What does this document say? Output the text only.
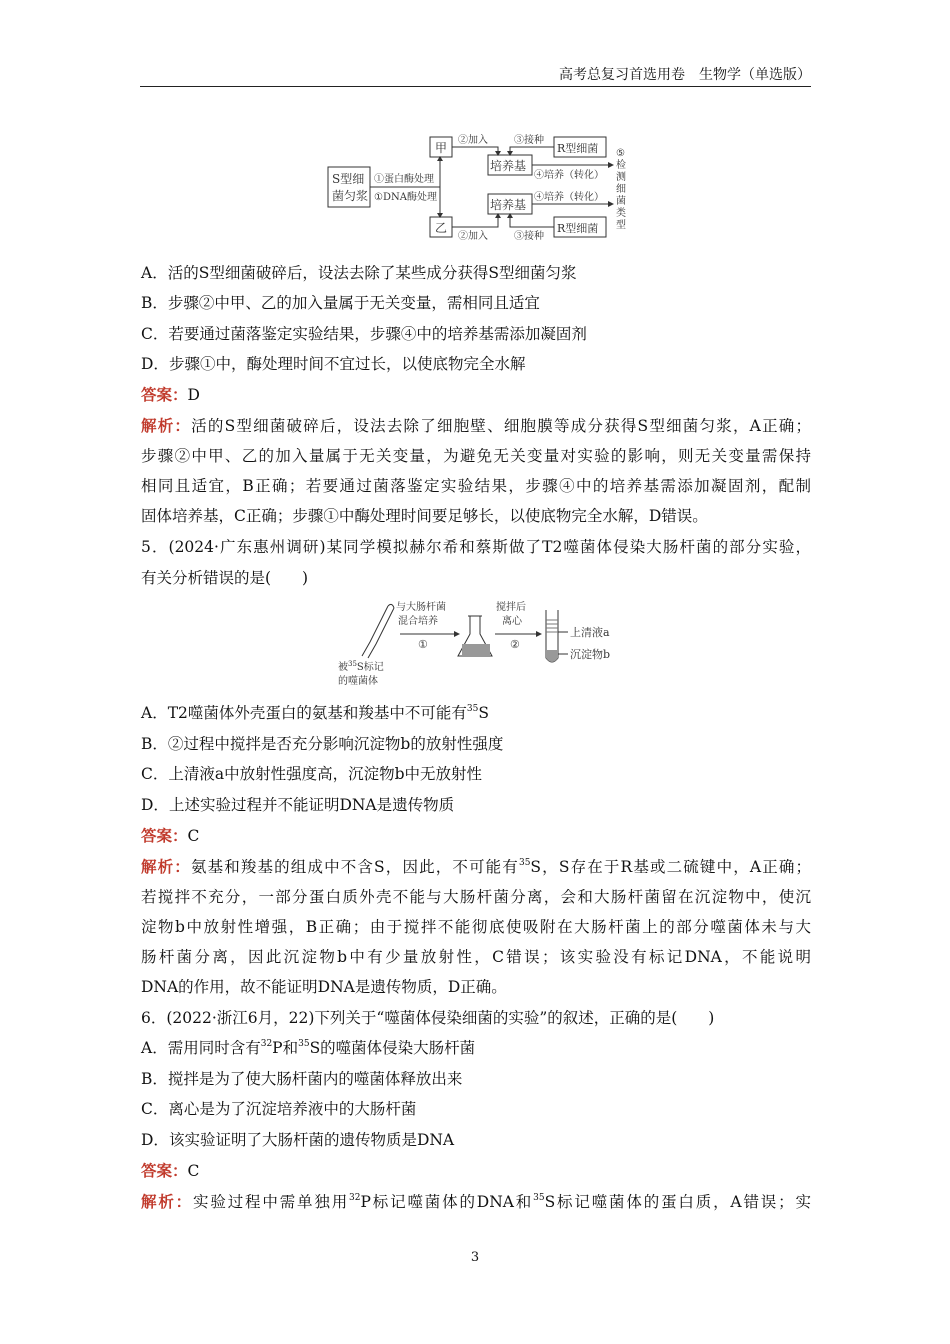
高考总复习首选用卷　生物学（单选版）
S型细
菌匀浆
甲
乙
①蛋白酶处理
①DNA酶处理
②加入
②加入
③接种
③接种
培养基
培养基
R型细菌
R型细菌
④培养（转化）
④培养（转化）
⑤
检
测
细
菌
类
型
A．活的S型细菌破碎后，设法去除了某些成分获得S型细菌匀浆
B．步骤②中甲、乙的加入量属于无关变量，需相同且适宜
C．若要通过菌落鉴定实验结果，步骤④中的培养基需添加凝固剂
D．步骤①中，酶处理时间不宜过长，以使底物完全水解
答案：D
解析：活的S型细菌破碎后，设法去除了细胞壁、细胞膜等成分获得S型细菌匀浆，A正确；
步骤②中甲、乙的加入量属于无关变量，为避免无关变量对实验的影响，则无关变量需保持
相同且适宜，B正确；若要通过菌落鉴定实验结果，步骤④中的培养基需添加凝固剂，配制
固体培养基，C正确；步骤①中酶处理时间要足够长，以使底物完全水解，D错误。
5．(2024·广东惠州调研)某同学模拟赫尔希和蔡斯做了T2噬菌体侵染大肠杆菌的部分实验，
有关分析错误的是(　　)
与大肠杆菌
混合培养
①
搅拌后
离心
②
上清液a
沉淀物b
被$^{35}$S标记
的噬菌体
A．T2噬菌体外壳蛋白的氨基和羧基中不可能有$^{35}$S
B．②过程中搅拌是否充分影响沉淀物b的放射性强度
C．上清液a中放射性强度高，沉淀物b中无放射性
D．上述实验过程并不能证明DNA是遗传物质
答案：C
解析：氨基和羧基的组成中不含S，因此，不可能有$^{35}$S，S存在于R基或二硫键中，A正确；
若搅拌不充分，一部分蛋白质外壳不能与大肠杆菌分离，会和大肠杆菌留在沉淀物中，使沉
淀物b中放射性增强，B正确；由于搅拌不能彻底使吸附在大肠杆菌上的部分噬菌体未与大
肠杆菌分离，因此沉淀物b中有少量放射性，C错误；该实验没有标记DNA，不能说明
DNA的作用，故不能证明DNA是遗传物质，D正确。
6．(2022·浙江6月，22)下列关于“噬菌体侵染细菌的实验”的叙述，正确的是(　　)
A．需用同时含有$^{32}$P和$^{35}$S的噬菌体侵染大肠杆菌
B．搅拌是为了使大肠杆菌内的噬菌体释放出来
C．离心是为了沉淀培养液中的大肠杆菌
D．该实验证明了大肠杆菌的遗传物质是DNA
答案：C
解析：实验过程中需单独用$^{32}$P标记噬菌体的DNA和$^{35}$S标记噬菌体的蛋白质，A错误；实
3
